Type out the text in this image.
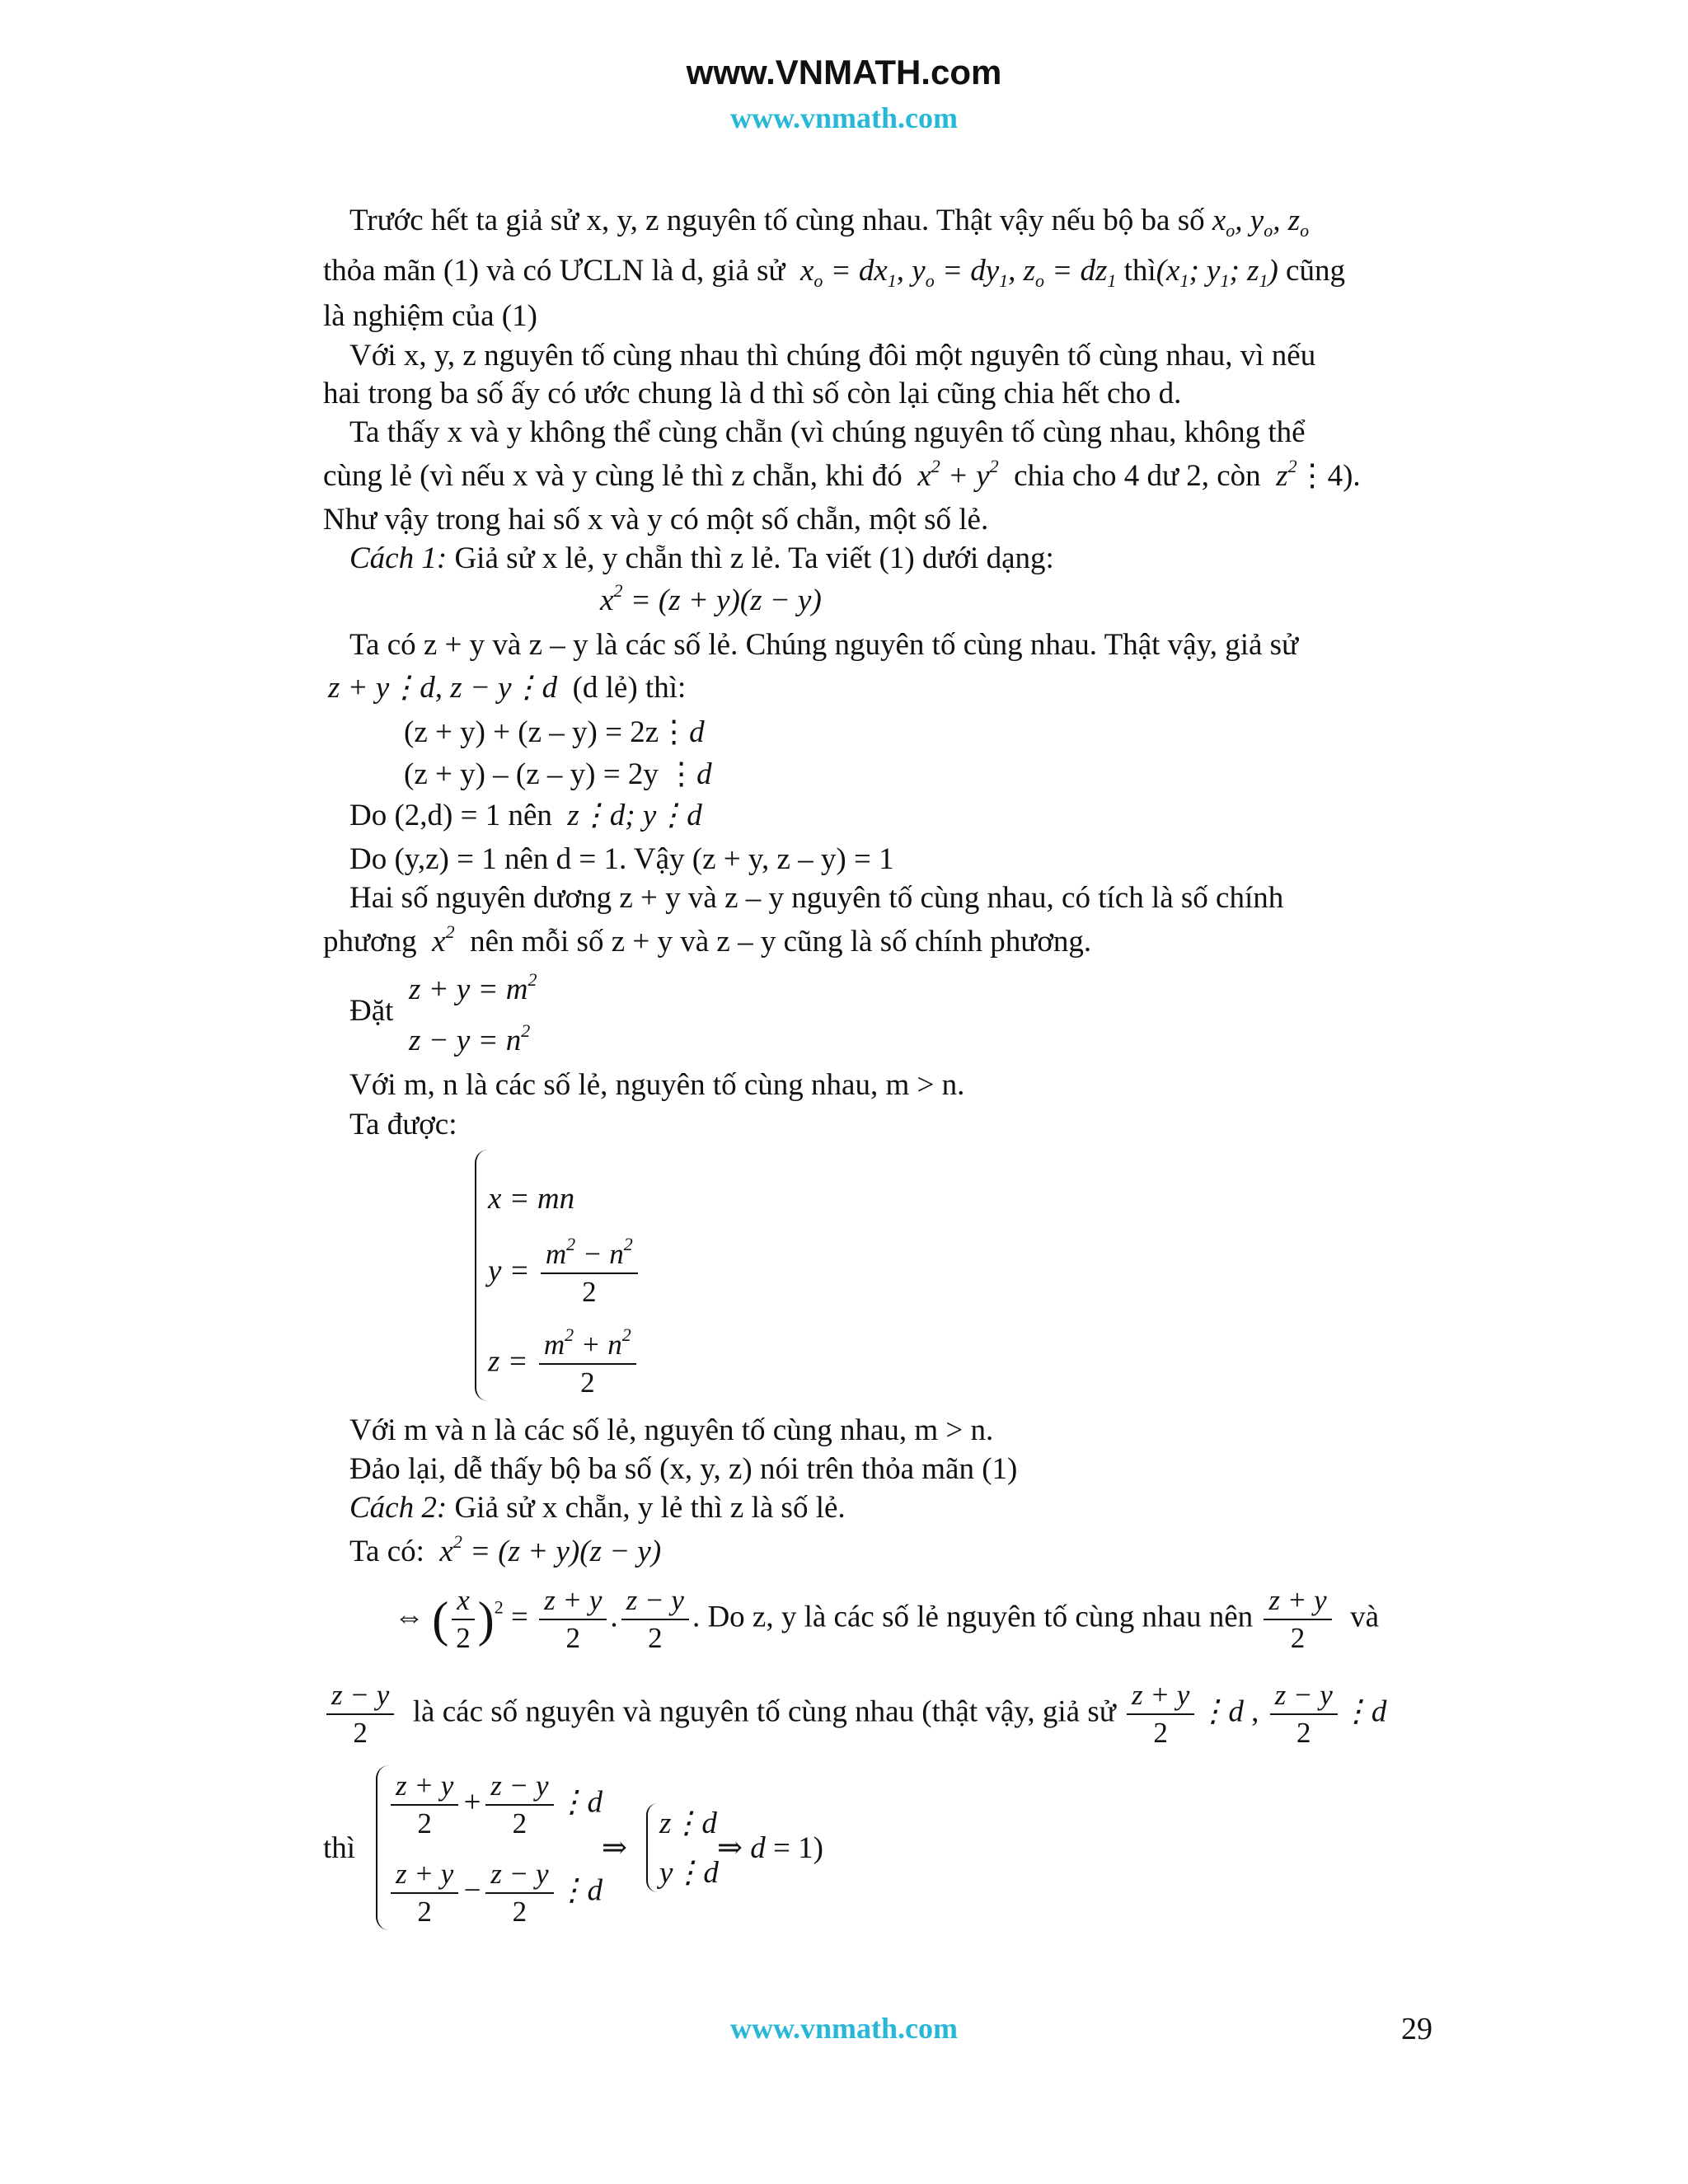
www.VNMATH.com
www.vnmath.com
Trước hết ta giả sử x, y, z nguyên tố cùng nhau. Thật vậy nếu bộ ba số $x_o$, $y_o$, $z_o$
thỏa mãn (1) và có ƯCLN là d, giả sử  $x_o = dx_1$, $y_o = dy_1$, $z_o = dz_1$ $thì(x_1$; $y_1$; $z_1$) cũng
là nghiệm của (1)
Với x, y, z nguyên tố cùng nhau thì chúng đôi một nguyên tố cùng nhau, vì nếu
hai trong ba số ấy có ước chung là d thì số còn lại cũng chia hết cho d.
Ta thấy x và y không thể cùng chẵn (vì chúng nguyên tố cùng nhau, không thể
cùng lẻ (vì nếu x và y cùng lẻ thì z chẵn, khi đó  $x^2 + y^2$ chia cho 4 dư 2, còn  $z^2⋮4$).
Như vậy trong hai số x và y có một số chẵn, một số lẻ.
Cách 1: Giả sử x lẻ, y chẵn thì z lẻ. Ta viết (1) dưới dạng:
$x^2 = (z + y)(z - y)$
Ta có z + y và z – y là các số lẻ. Chúng nguyên tố cùng nhau. Thật vậy, giả sử
z + y⋮d, z − y⋮d (d lẻ) thì:
(z + y) + (z – y) = 2z⋮d
(z + y) – (z – y) = 2y ⋮d
Do (2,d) = 1 nên  z⋮d; y⋮d
Do (y,z) = 1 nên d = 1. Vậy (z + y, z – y) = 1
Hai số nguyên dương z + y và z – y nguyên tố cùng nhau, có tích là số chính
phương  $x^2$ nên mỗi số z + y và z – y cũng là số chính phương.
Đặt
$z + y = m^2$
$z - y = n^2$
Với m, n là các số lẻ, nguyên tố cùng nhau, m > n.
Ta được:
x = mn
$y = \frac{m^2 - n^2}{2}$
$z = \frac{m^2 + n^2}{2}$
Với m và n là các số lẻ, nguyên tố cùng nhau, m > n.
Đảo lại, dễ thấy bộ ba số (x, y, z) nói trên thỏa mãn (1)
Cách 2: Giả sử x chẵn, y lẻ thì z là số lẻ.
Ta có:  $x^2 = (z + y)(z - y)$
⇔ ( $\frac{x}{2} )^2 = \frac{z + y}{2}$ . $\frac{z - y}{2}$ . Do z, y là các số lẻ nguyên tố cùng nhau nên $\frac{z + y}{2}$ và
$\frac{z - y}{2}$ là các số nguyên và nguyên tố cùng nhau (thật vậy, giả sử $\frac{z + y}{2}$ ⋮d , $\frac{z - y}{2}$ ⋮d
thì
$\frac{z + y}{2} + \frac{z - y}{2}$ ⋮d
$\frac{z + y}{2} - \frac{z - y}{2}$ ⋮d
⇒
z⋮d
y⋮d
⇒ d = 1)
www.vnmath.com	29
